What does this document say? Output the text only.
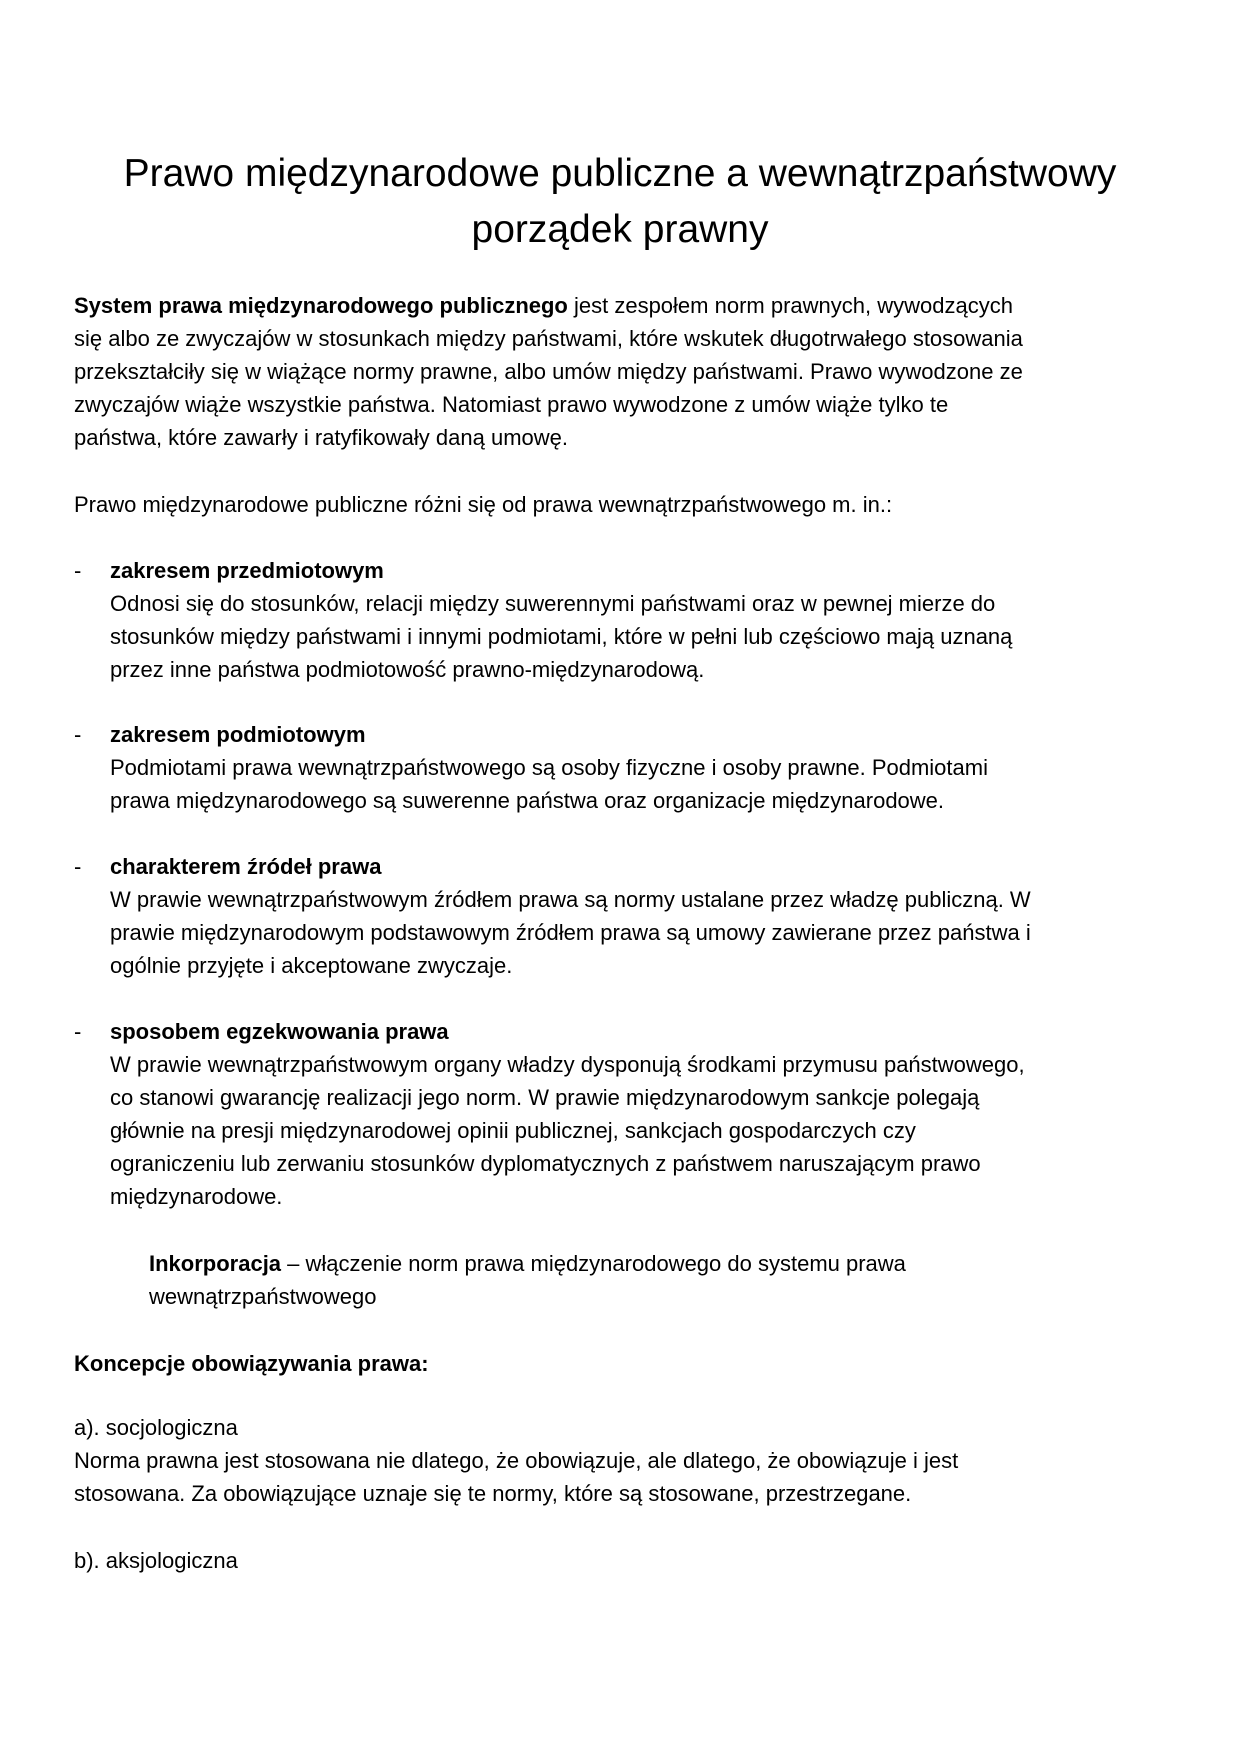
Prawo międzynarodowe publiczne a wewnątrzpaństwowy
porządek prawny
System prawa międzynarodowego publicznego jest zespołem norm prawnych, wywodzących
się albo ze zwyczajów w stosunkach między państwami, które wskutek długotrwałego stosowania
przekształciły się w wiążące normy prawne, albo umów między państwami. Prawo wywodzone ze
zwyczajów wiąże wszystkie państwa. Natomiast prawo wywodzone z umów wiąże tylko te
państwa, które zawarły i ratyfikowały daną umowę.
Prawo międzynarodowe publiczne różni się od prawa wewnątrzpaństwowego m. in.:
- zakresem przedmiotowym
Odnosi się do stosunków, relacji między suwerennymi państwami oraz w pewnej mierze do
stosunków między państwami i innymi podmiotami, które w pełni lub częściowo mają uznaną
przez inne państwa podmiotowość prawno-międzynarodową.
- zakresem podmiotowym
Podmiotami prawa wewnątrzpaństwowego są osoby fizyczne i osoby prawne. Podmiotami
prawa międzynarodowego są suwerenne państwa oraz organizacje międzynarodowe.
- charakterem źródeł prawa
W prawie wewnątrzpaństwowym źródłem prawa są normy ustalane przez władzę publiczną. W
prawie międzynarodowym podstawowym źródłem prawa są umowy zawierane przez państwa i
ogólnie przyjęte i akceptowane zwyczaje.
- sposobem egzekwowania prawa
W prawie wewnątrzpaństwowym organy władzy dysponują środkami przymusu państwowego,
co stanowi gwarancję realizacji jego norm. W prawie międzynarodowym sankcje polegają
głównie na presji międzynarodowej opinii publicznej, sankcjach gospodarczych czy
ograniczeniu lub zerwaniu stosunków dyplomatycznych z państwem naruszającym prawo
międzynarodowe.
Inkorporacja – włączenie norm prawa międzynarodowego do systemu prawa
wewnątrzpaństwowego
Koncepcje obowiązywania prawa:
a). socjologiczna
Norma prawna jest stosowana nie dlatego, że obowiązuje, ale dlatego, że obowiązuje i jest
stosowana. Za obowiązujące uznaje się te normy, które są stosowane, przestrzegane.
b). aksjologiczna
